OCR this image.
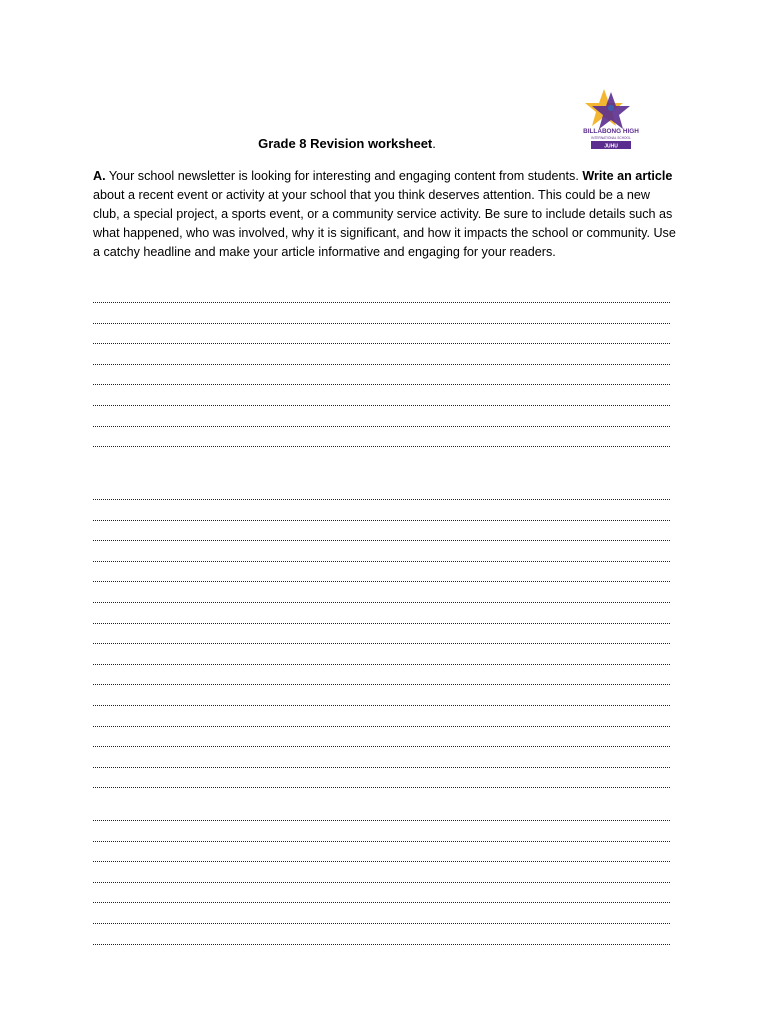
BILLABONG HIGH
INTERNATIONAL SCHOOL
JUHU
Grade 8 Revision worksheet.

A. Your school newsletter is looking for interesting and engaging content from students. Write an article about a recent event or activity at your school that you think deserves attention. This could be a new club, a special project, a sports event, or a community service activity. Be sure to include details such as what happened, who was involved, why it is significant, and how it impacts the school or community. Use a catchy headline and make your article informative and engaging for your readers.
